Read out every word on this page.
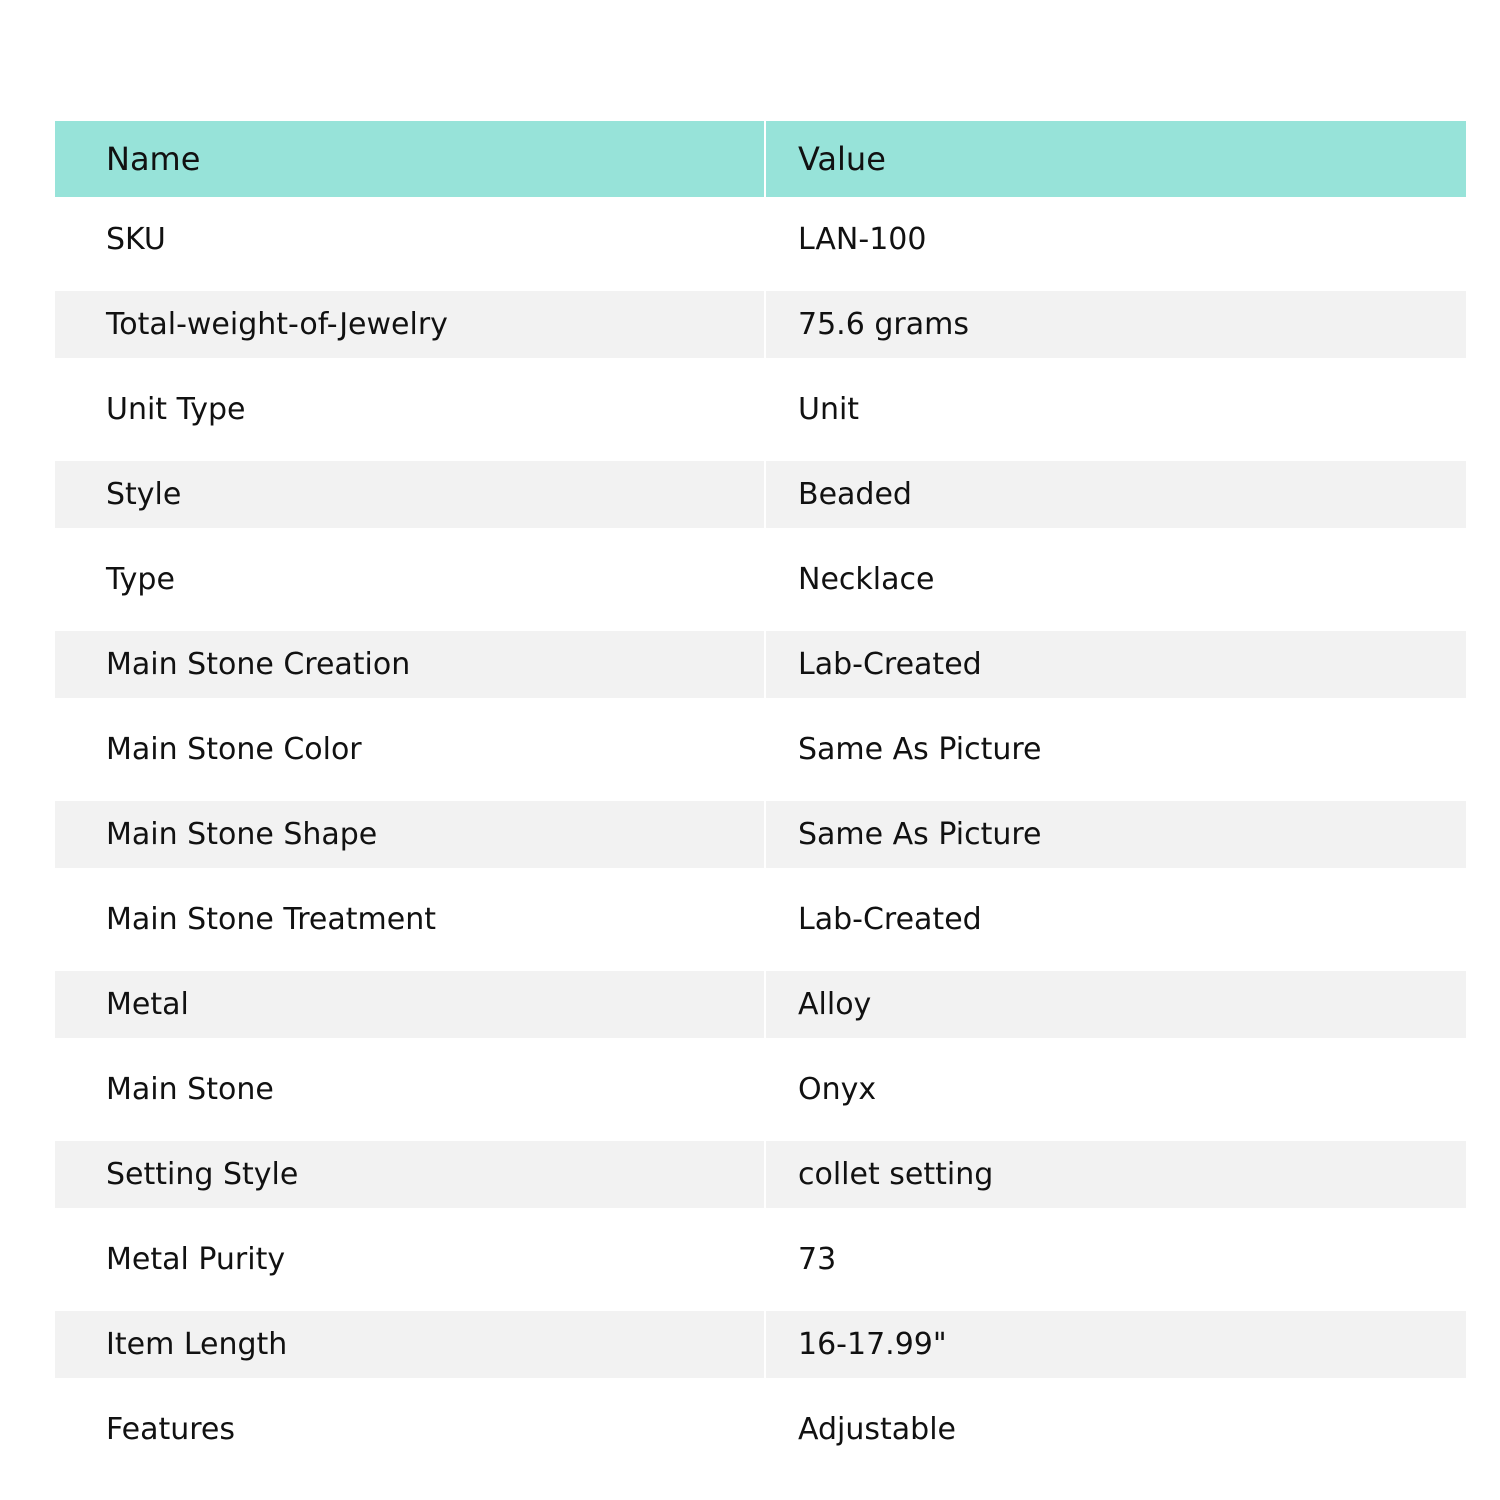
Name	Value
SKU	LAN-100
Total-weight-of-Jewelry	75.6 grams
Unit Type	Unit
Style	Beaded
Type	Necklace
Main Stone Creation	Lab-Created
Main Stone Color	Same As Picture
Main Stone Shape	Same As Picture
Main Stone Treatment	Lab-Created
Metal	Alloy
Main Stone	Onyx
Setting Style	collet setting
Metal Purity	73
Item Length	16-17.99"
Features	Adjustable
